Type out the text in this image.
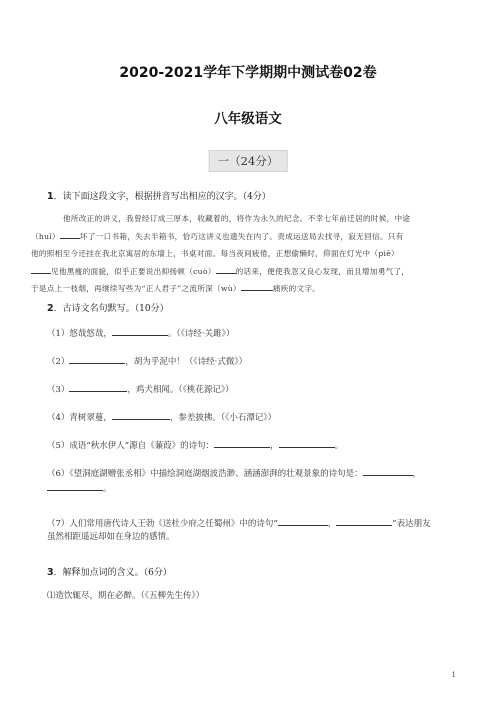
2020-2021学年下学期期中测试卷02卷
八年级语文
一（24分）
1．读下面这段文字，根据拼音写出相应的汉字。（4分）
他所改正的讲义，我曾经订成三厚本，收藏着的，将作为永久的纪念。不幸七年前迁居的时候，中途
（huǐ）	坏了一口书箱，失去半箱书，恰巧这讲义也遗失在内了。责成运送局去找寻，寂无回信。只有
他的照相至今还挂在我北京寓居的东墙上，书桌对面。每当夜间疲倦，正想偷懒时，仰面在灯光中（piē）
见他黑瘦的面貌，似乎正要说出抑扬顿（cuò）	的话来，便使我忽又良心发现，而且增加勇气了，
于是点上一枝烟，再继续写些为“正人君子”之流所深（wù）	痛疾的文字。
2．古诗文名句默写。（10分）
（1）悠哉悠哉，	。（《诗经·关雎》）
（2）	，胡为乎泥中！（《诗经·式微》）
（3）	，鸡犬相闻。（《桃花源记》）
（4）青树翠蔓，	，参差披拂。（《小石潭记》）
（5）成语“秋水伊人”源自《蒹葭》的诗句：	，	。
（6）《望洞庭湖赠张丞相》中描绘洞庭湖烟波浩渺、涵涵澎湃的壮观景象的诗句是：	，
。
（7）人们常用唐代诗人王勃《送杜少府之任蜀州》中的诗句“	，	”表达朋友
虽然相距遥远却如在身边的感情。
3．解释加点词的含义。（6分）
⑴造饮辄尽，期在必醉。（《五柳先生传》）
1
